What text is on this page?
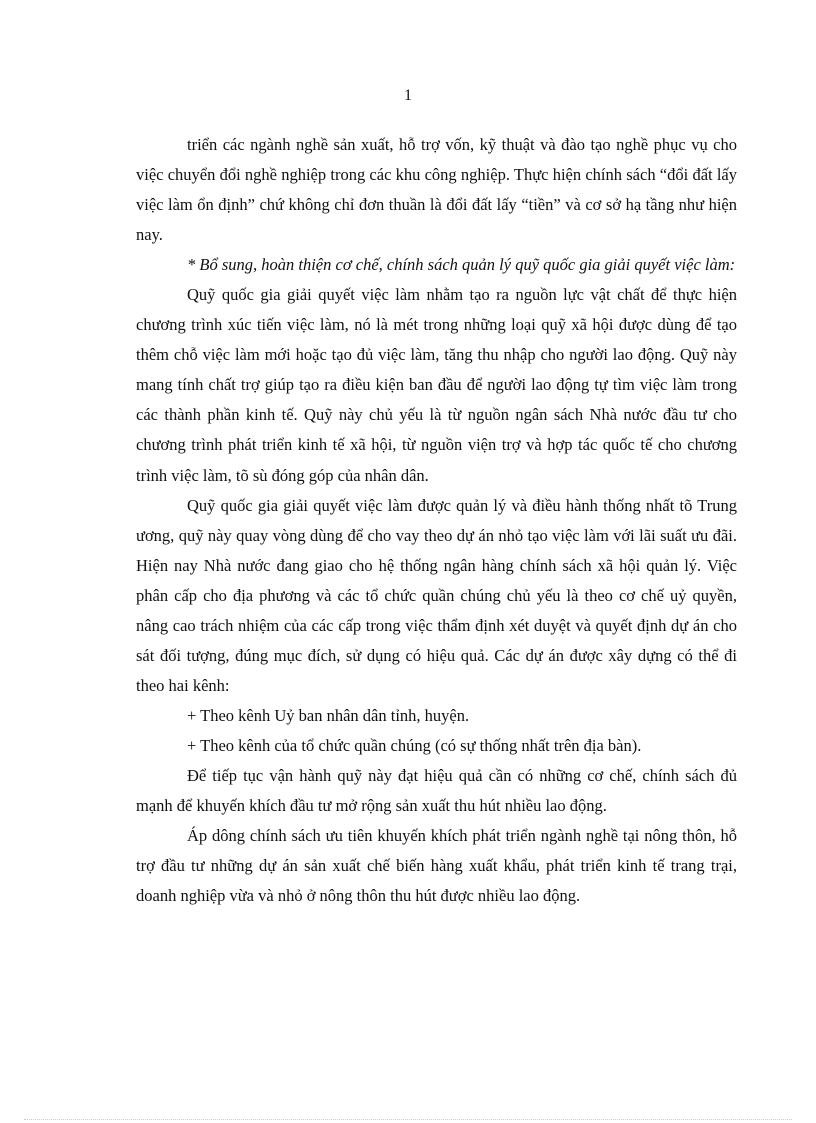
1

triển các ngành nghề sản xuất, hỗ trợ vốn, kỹ thuật và đào tạo nghề phục vụ cho việc chuyển đổi nghề nghiệp trong các khu công nghiệp. Thực hiện chính sách “đổi đất lấy việc làm ổn định” chứ không chỉ đơn thuần là đổi đất lấy “tiền” và cơ sở hạ tầng như hiện nay.

* Bổ sung, hoàn thiện cơ chế, chính sách quản lý quỹ quốc gia giải quyết việc làm:

Quỹ quốc gia giải quyết việc làm nhằm tạo ra nguồn lực vật chất để thực hiện chương trình xúc tiến việc làm, nó là mét trong những loại quỹ xã hội được dùng để tạo thêm chỗ việc làm mới hoặc tạo đủ việc làm, tăng thu nhập cho người lao động. Quỹ này mang tính chất trợ giúp tạo ra điều kiện ban đầu để người lao động tự tìm việc làm trong các thành phần kinh tế. Quỹ này chủ yếu là từ nguồn ngân sách Nhà nước đầu tư cho chương trình phát triển kinh tế xã hội, từ nguồn viện trợ và hợp tác quốc tế cho chương trình việc làm, tõ sù đóng góp của nhân dân.

Quỹ quốc gia giải quyết việc làm được quản lý và điều hành thống nhất tõ Trung ương, quỹ này quay vòng dùng để cho vay theo dự án nhỏ tạo việc làm với lãi suất ưu đãi. Hiện nay Nhà nước đang giao cho hệ thống ngân hàng chính sách xã hội quản lý. Việc phân cấp cho địa phương và các tổ chức quần chúng chủ yếu là theo cơ chế uỷ quyền, nâng cao trách nhiệm của các cấp trong việc thẩm định xét duyệt và quyết định dự án cho sát đối tượng, đúng mục đích, sử dụng có hiệu quả. Các dự án được xây dựng có thể đi theo hai kênh:

+ Theo kênh Uỷ ban nhân dân tỉnh, huyện.

+ Theo kênh của tổ chức quần chúng (có sự thống nhất trên địa bàn).

Để tiếp tục vận hành quỹ này đạt hiệu quả cần có những cơ chế, chính sách đủ mạnh để khuyến khích đầu tư mở rộng sản xuất thu hút nhiều lao động.

Áp dông chính sách ưu tiên khuyến khích phát triển ngành nghề tại nông thôn, hỗ trợ đầu tư những dự án sản xuất chế biến hàng xuất khẩu, phát triển kinh tế trang trại, doanh nghiệp vừa và nhỏ ở nông thôn thu hút được nhiều lao động.
